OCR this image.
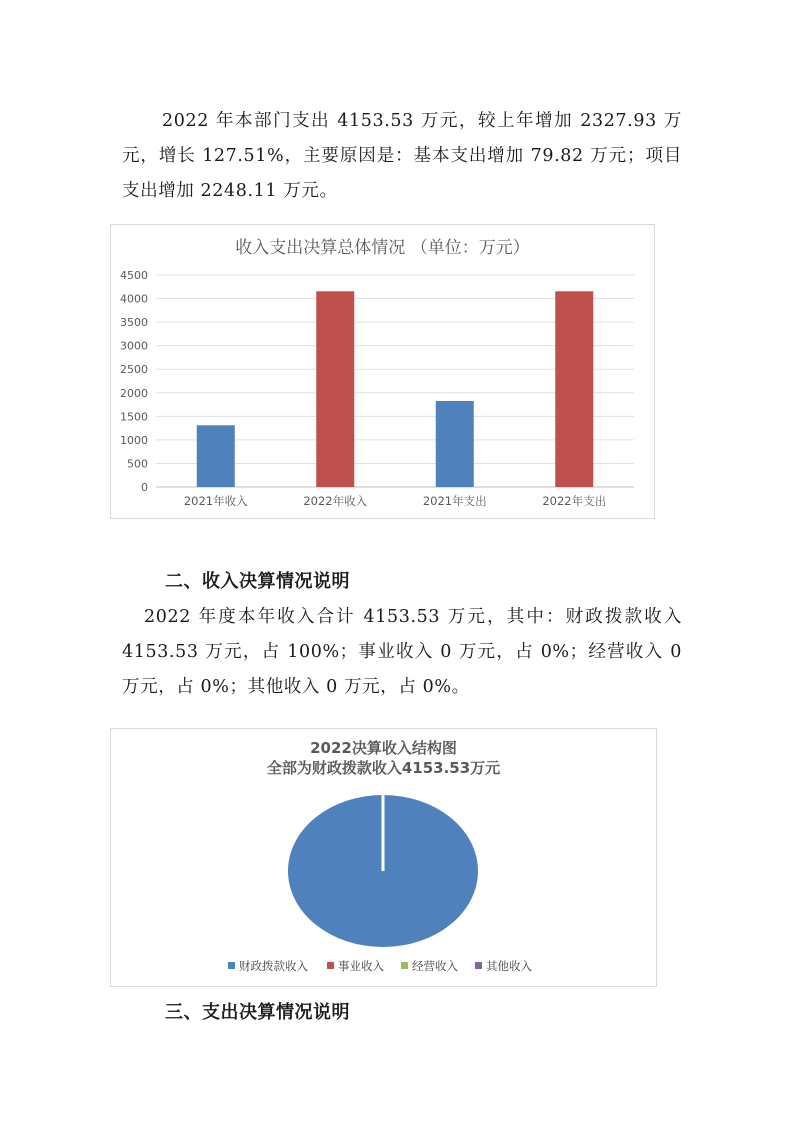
2022 年本部门支出 4153.53 万元，较上年增加 2327.93 万元，增长 127.51%，主要原因是：基本支出增加 79.82 万元；项目支出增加 2248.11 万元。

收入支出决算总体情况 （单位：万元）
0
500
1000
1500
2000
2500
3000
3500
4000
4500
2021年收入	2022年收入	2021年支出	2022年支出

二、收入决算情况说明

2022 年度本年收入合计 4153.53 万元，其中：财政拨款收入 4153.53 万元，占 100%；事业收入 0 万元，占 0%；经营收入 0 万元，占 0%；其他收入 0 万元，占 0%。

2022决算收入结构图
全部为财政拨款收入4153.53万元
财政拨款收入	事业收入 经营收入 其他收入

三、支出决算情况说明
